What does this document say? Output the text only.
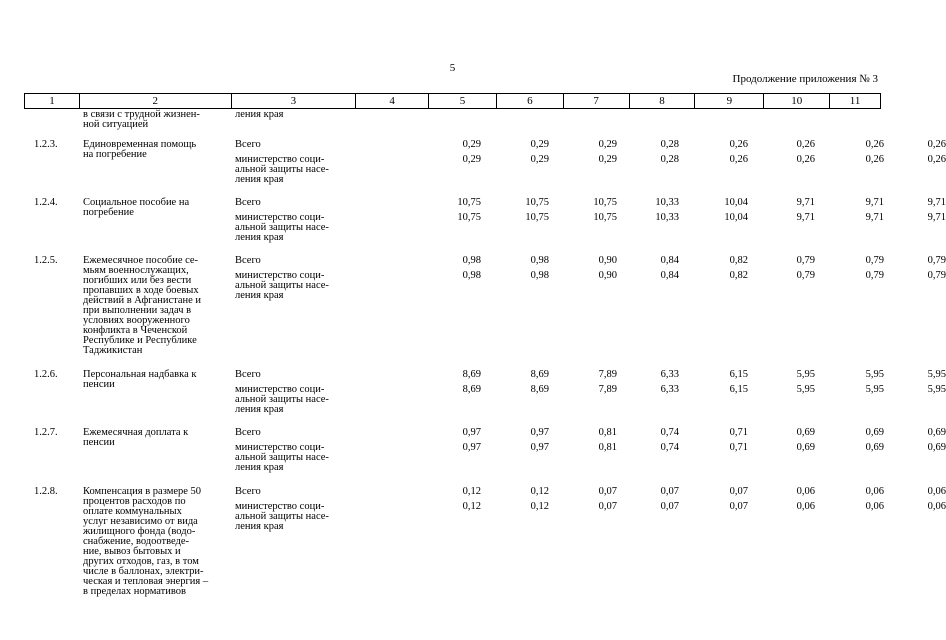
5
Продолжение приложения № 3
1	2	3	4	5	6	7	8	9	10	11
в связи с трудной жизнен-
ной ситуацией
ления края
1.2.3. Единовременная помощь
на погребение
Всего	0,29	0,29	0,29	0,28	0,26	0,26	0,26	0,26
министерство соци-
альной защиты насе-
ления края
0,29	0,29	0,29	0,28	0,26	0,26	0,26	0,26
1.2.4. Социальное пособие на
погребение
Всего	10,75	10,75	10,75	10,33	10,04	9,71	9,71	9,71
министерство соци-
альной защиты насе-
ления края
10,75	10,75	10,75	10,33	10,04	9,71	9,71	9,71
1.2.5. Ежемесячное пособие се-
мьям военнослужащих,
погибших или без вести
пропавших в ходе боевых
действий в Афганистане и
при выполнении задач в
условиях вооруженного
конфликта в Чеченской
Республике и Республике
Таджикистан
Всего	0,98	0,98	0,90	0,84	0,82	0,79	0,79	0,79
министерство соци-
альной защиты насе-
ления края
0,98	0,98	0,90	0,84	0,82	0,79	0,79	0,79
1.2.6. Персональная надбавка к
пенсии
Всего	8,69	8,69	7,89	6,33	6,15	5,95	5,95	5,95
министерство соци-
альной защиты насе-
ления края
8,69	8,69	7,89	6,33	6,15	5,95	5,95	5,95
1.2.7. Ежемесячная доплата к
пенсии
Всего	0,97	0,97	0,81	0,74	0,71	0,69	0,69	0,69
министерство соци-
альной защиты насе-
ления края
0,97	0,97	0,81	0,74	0,71	0,69	0,69	0,69
1.2.8. Компенсация в размере 50
процентов расходов по
оплате коммунальных
услуг независимо от вида
жилищного фонда (водо-
снабжение, водоотведе-
ние, вывоз бытовых и
других отходов, газ, в том
числе в баллонах, электри-
ческая и тепловая энергия –
в пределах нормативов
Всего	0,12	0,12	0,07	0,07	0,07	0,06	0,06	0,06
министерство соци-
альной защиты насе-
ления края
0,12	0,12	0,07	0,07	0,07	0,06	0,06	0,06
